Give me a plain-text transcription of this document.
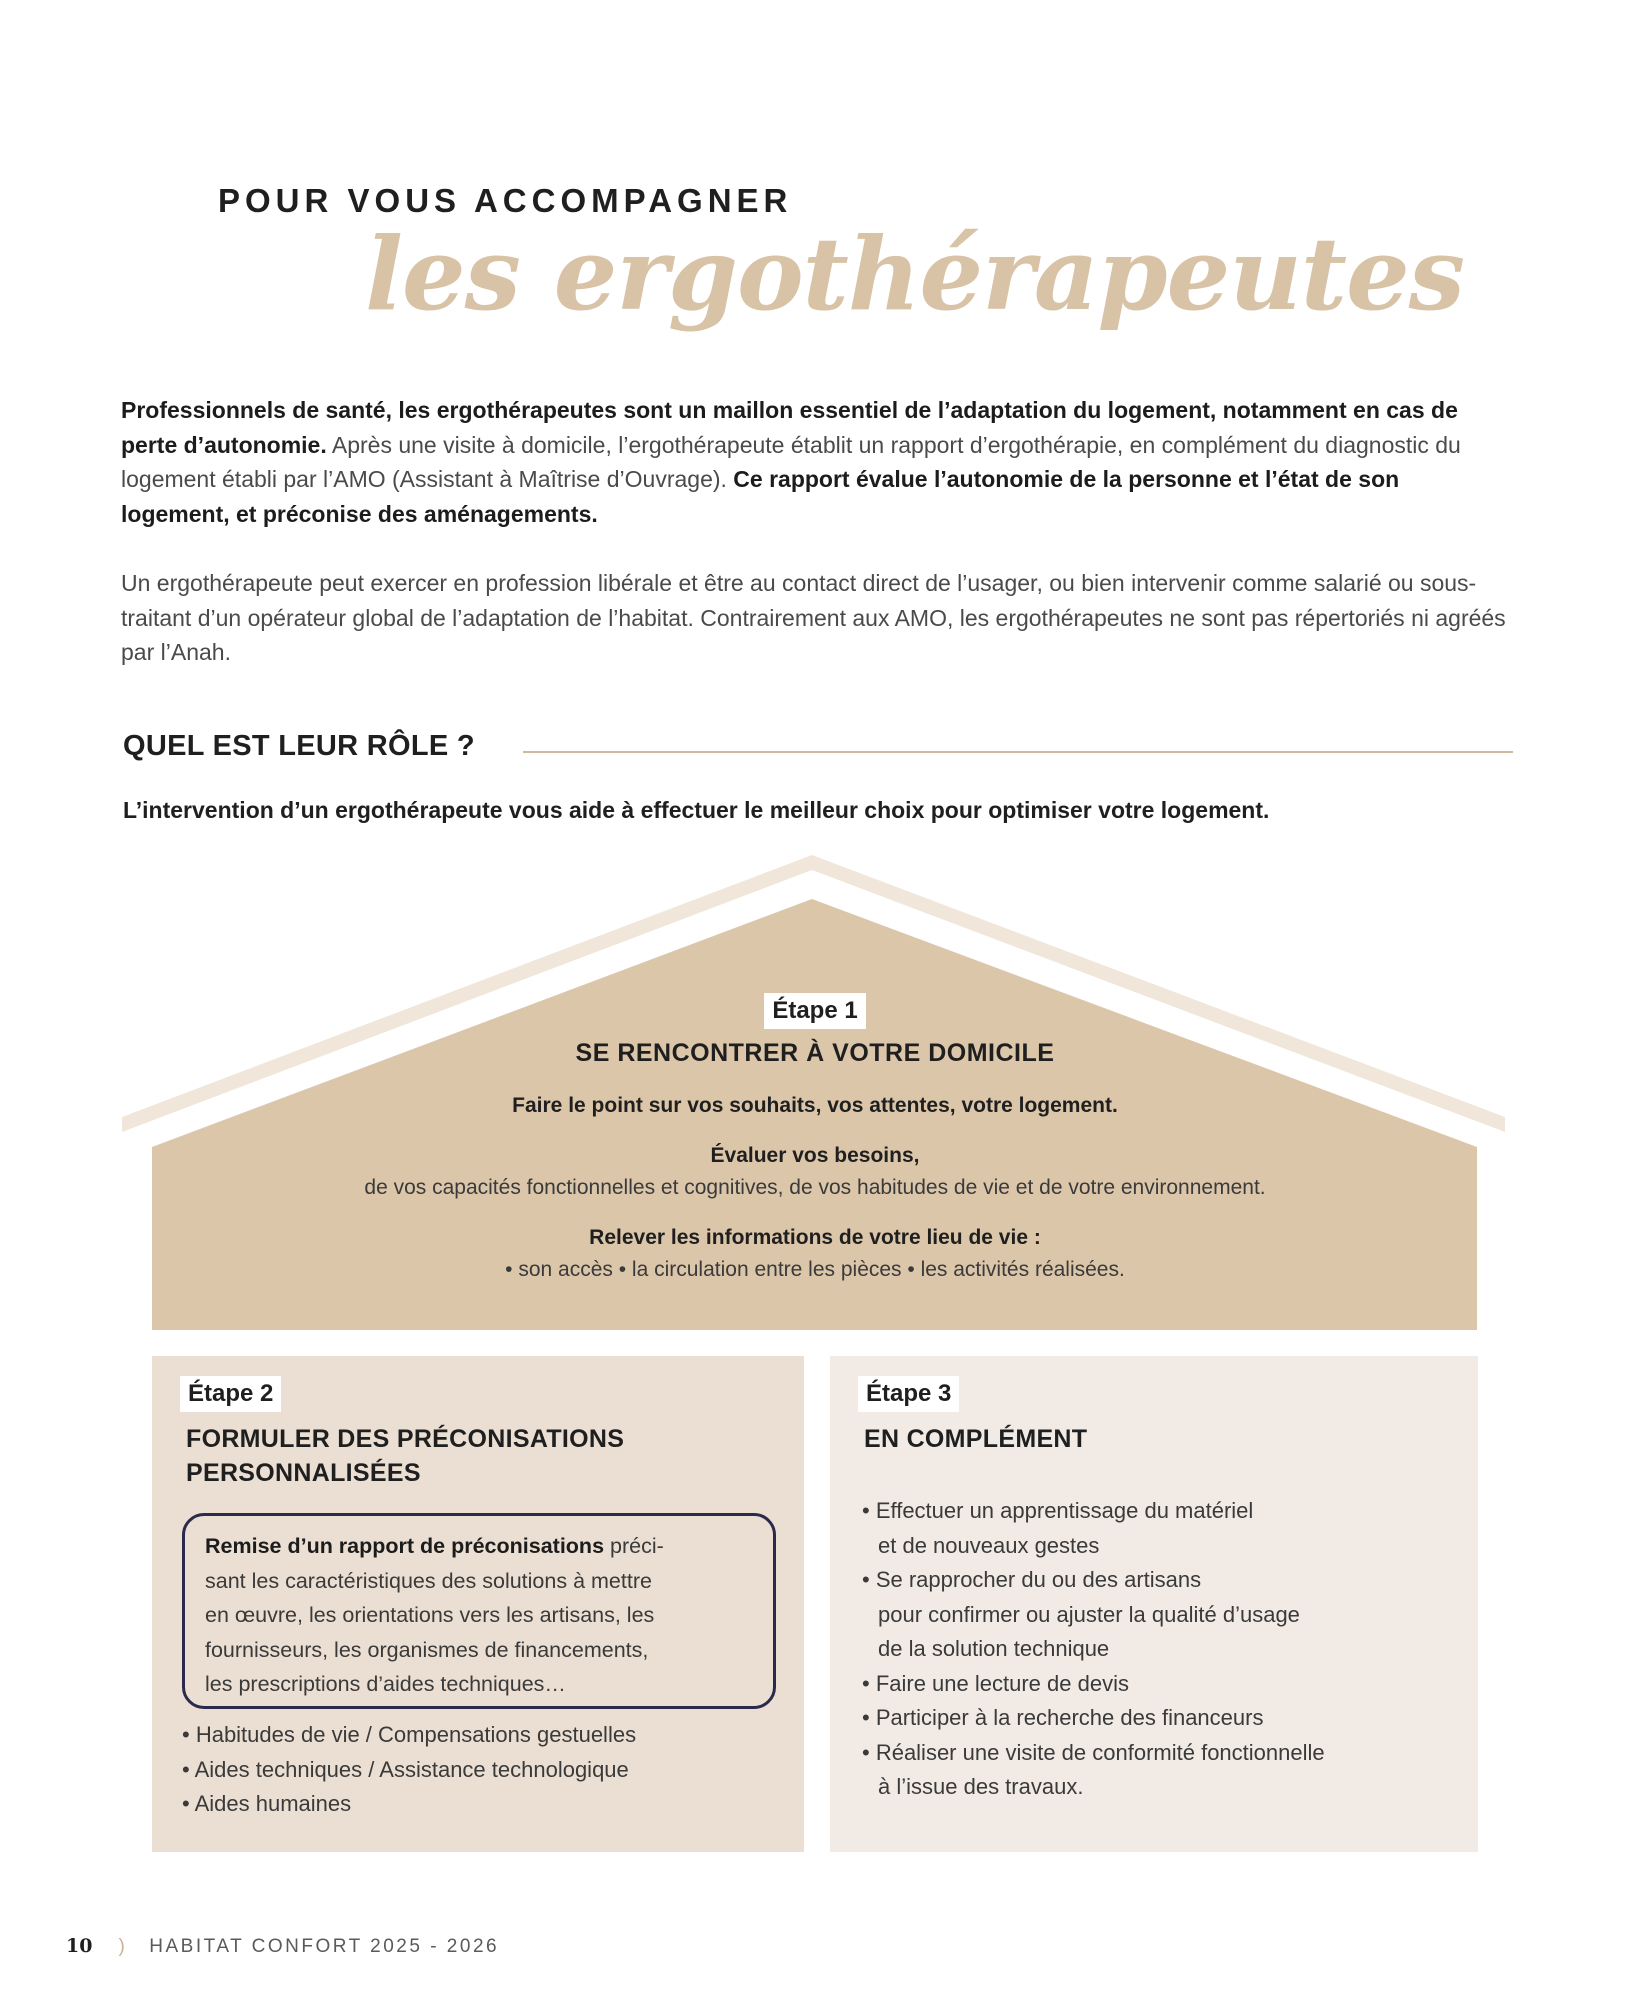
POUR VOUS ACCOMPAGNER
les ergothérapeutes

Professionnels de santé, les ergothérapeutes sont un maillon essentiel de l’adaptation du logement, notamment en cas de perte d’autonomie. Après une visite à domicile, l’ergothérapeute établit un rapport d’ergothérapie, en complément du diagnostic du logement établi par l’AMO (Assistant à Maîtrise d’Ouvrage). Ce rapport évalue l’autonomie de la personne et l’état de son logement, et préconise des aménagements.

Un ergothérapeute peut exercer en profession libérale et être au contact direct de l’usager, ou bien intervenir comme salarié ou sous-traitant d’un opérateur global de l’adaptation de l’habitat. Contrairement aux AMO, les ergothérapeutes ne sont pas répertoriés ni agréés par l’Anah.

QUEL EST LEUR RÔLE ?
L’intervention d’un ergothérapeute vous aide à effectuer le meilleur choix pour optimiser votre logement.
Étape 1
SE RENCONTRER À VOTRE DOMICILE
Faire le point sur vos souhaits, vos attentes, votre logement.
Évaluer vos besoins,
de vos capacités fonctionnelles et cognitives, de vos habitudes de vie et de votre environnement.
Relever les informations de votre lieu de vie :
• son accès • la circulation entre les pièces • les activités réalisées.
Étape 2
FORMULER DES PRÉCONISATIONS
PERSONNALISÉES
Remise d’un rapport de préconisations préci-
sant les caractéristiques des solutions à mettre
en œuvre, les orientations vers les artisans, les
fournisseurs, les organismes de financements,
les prescriptions d’aides techniques…
• Habitudes de vie / Compensations gestuelles
• Aides techniques / Assistance technologique
• Aides humaines
Étape 3
EN COMPLÉMENT
• Effectuer un apprentissage du matériel
et de nouveaux gestes
• Se rapprocher du ou des artisans
pour confirmer ou ajuster la qualité d’usage
de la solution technique
• Faire une lecture de devis
• Participer à la recherche des financeurs
• Réaliser une visite de conformité fonctionnelle
à l’issue des travaux.
10 ) HABITAT CONFORT 2025 - 2026
